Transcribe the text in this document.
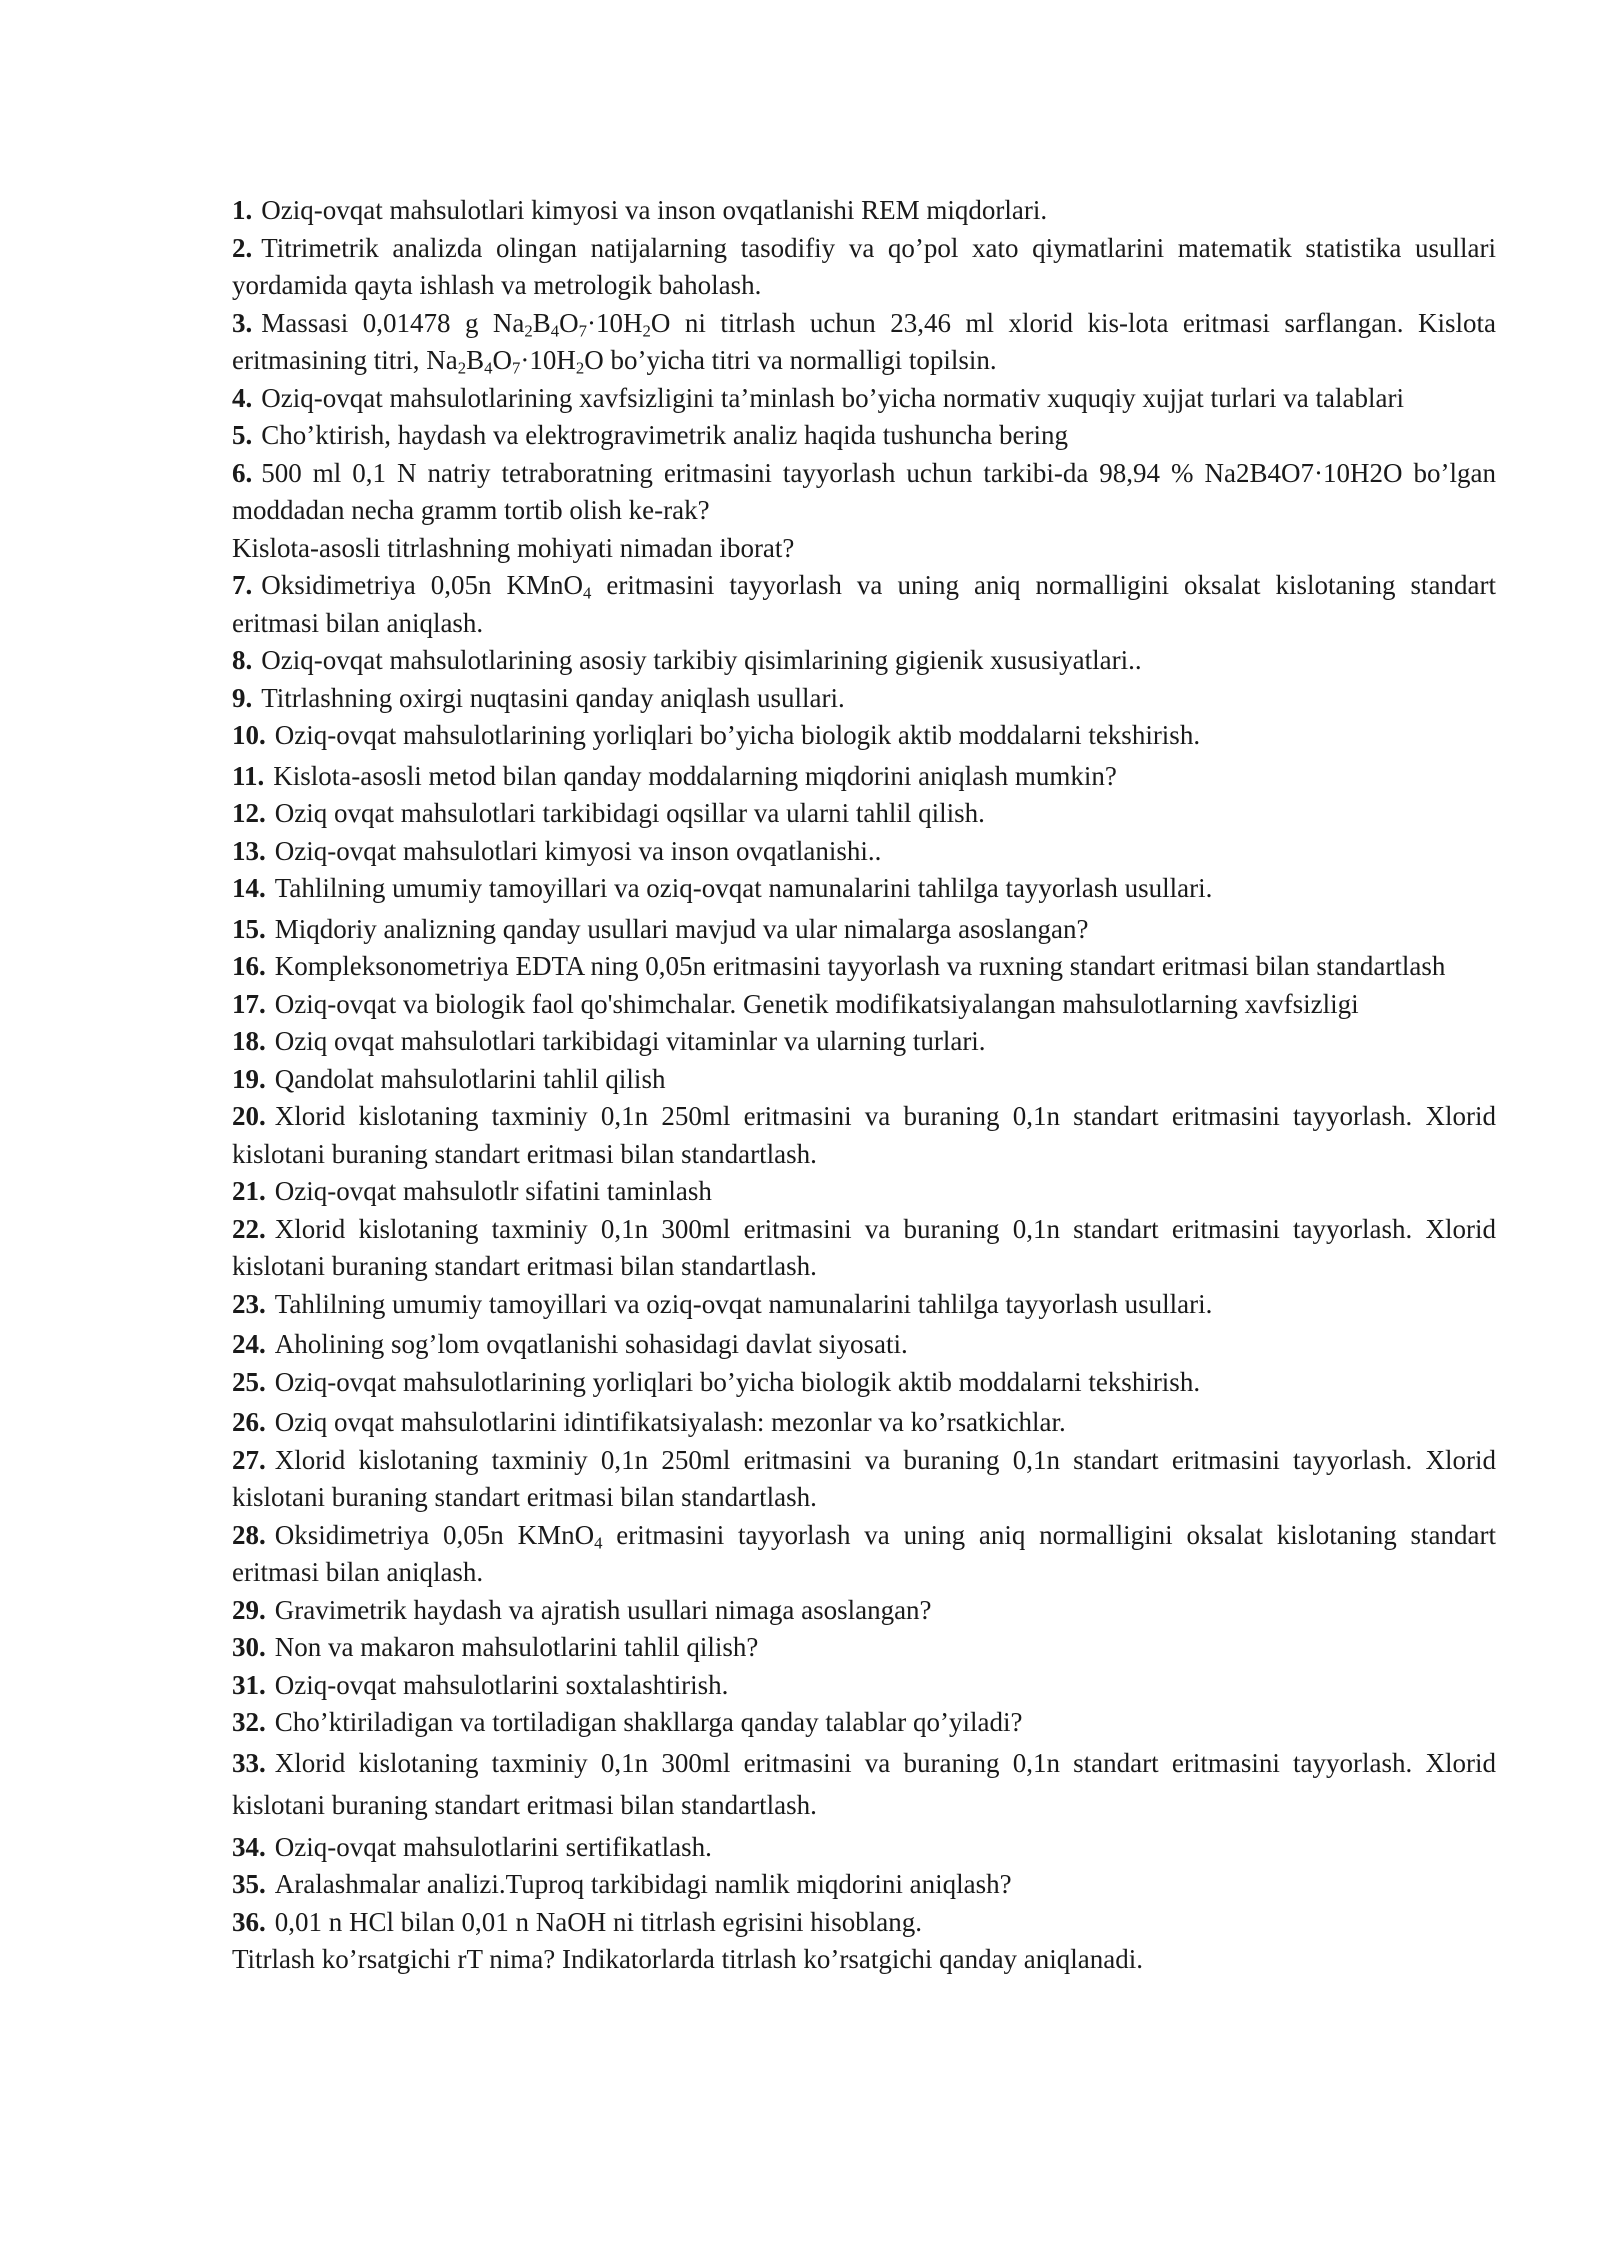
1. Oziq-ovqat mahsulotlari kimyosi va inson ovqatlanishi REM miqdorlari.

2. Titrimetrik analizda olingan natijalarning tasodifiy va qo’pol xato qiymatlarini matematik statistika usullari yordamida qayta ishlash va metrologik baholash.

3. Massasi 0,01478 g $Na_2B_4O_7\cdot 10H_2O$ ni titrlash uchun 23,46 ml xlorid kis-lota eritmasi sarflangan. Kislota eritmasining titri, $Na_2B_4O_7\cdot 10H_2O$ bo’yicha titri va normalligi topilsin.

4. Oziq-ovqat mahsulotlarining xavfsizligini ta’minlash bo’yicha normativ xuquqiy xujjat turlari va talablari

5. Cho’ktirish, haydash va elektrogravimetrik analiz haqida tushuncha bering

6. 500 ml 0,1 N natriy tetraboratning eritmasini tayyorlash uchun tarkibi-da 98,94 % Na2B4O7·10H2O bo’lgan moddadan necha gramm tortib olish ke-rak?

Kislota-asosli titrlashning mohiyati nimadan iborat?

7. Oksidimetriya 0,05n KMnO$_4$ eritmasini tayyorlash va uning aniq normalligini oksalat kislotaning standart eritmasi bilan aniqlash.

8. Oziq-ovqat mahsulotlarining asosiy tarkibiy qisimlarining gigienik xususiyatlari..

9. Titrlashning oxirgi nuqtasini qanday aniqlash usullari.

10. Oziq-ovqat mahsulotlarining yorliqlari bo’yicha biologik aktib moddalarni tekshirish.

11. Kislota-asosli metod bilan qanday moddalarning miqdorini aniqlash mumkin?

12. Oziq ovqat mahsulotlari tarkibidagi oqsillar va ularni tahlil qilish.

13. Oziq-ovqat mahsulotlari kimyosi va inson ovqatlanishi..

14. Tahlilning umumiy tamoyillari va oziq-ovqat namunalarini tahlilga tayyorlash usullari.

15. Miqdoriy analizning qanday usullari mavjud va ular nimalarga asoslangan?

16. Kompleksonometriya EDTA ning 0,05n eritmasini tayyorlash va ruxning standart eritmasi bilan standartlash

17. Oziq-ovqat va biologik faol qo'shimchalar. Genetik modifikatsiyalangan mahsulotlarning xavfsizligi

18. Oziq ovqat mahsulotlari tarkibidagi vitaminlar va ularning turlari.

19. Qandolat mahsulotlarini tahlil qilish

20. Xlorid kislotaning taxminiy 0,1n 250ml eritmasini va buraning 0,1n standart eritmasini tayyorlash. Xlorid kislotani buraning standart eritmasi bilan standartlash.

21. Oziq-ovqat mahsulotlr sifatini taminlash

22. Xlorid kislotaning taxminiy 0,1n 300ml eritmasini va buraning 0,1n standart eritmasini tayyorlash. Xlorid kislotani buraning standart eritmasi bilan standartlash.

23. Tahlilning umumiy tamoyillari va oziq-ovqat namunalarini tahlilga tayyorlash usullari.

24. Aholining sog’lom ovqatlanishi sohasidagi davlat siyosati.

25. Oziq-ovqat mahsulotlarining yorliqlari bo’yicha biologik aktib moddalarni tekshirish.

26. Oziq ovqat mahsulotlarini idintifikatsiyalash: mezonlar va ko’rsatkichlar.

27. Xlorid kislotaning taxminiy 0,1n 250ml eritmasini va buraning 0,1n standart eritmasini tayyorlash. Xlorid kislotani buraning standart eritmasi bilan standartlash.

28. Oksidimetriya 0,05n KMnO$_4$ eritmasini tayyorlash va uning aniq normalligini oksalat kislotaning standart eritmasi bilan aniqlash.

29. Gravimetrik haydash va ajratish usullari nimaga asoslangan?

30. Non va makaron mahsulotlarini tahlil qilish?

31. Oziq-ovqat mahsulotlarini soxtalashtirish.

32. Cho’ktiriladigan va tortiladigan shakllarga qanday talablar qo’yiladi?

33. Xlorid kislotaning taxminiy 0,1n 300ml eritmasini va buraning 0,1n standart eritmasini tayyorlash. Xlorid kislotani buraning standart eritmasi bilan standartlash.

34. Oziq-ovqat mahsulotlarini sertifikatlash.

35. Aralashmalar analizi.Tuproq tarkibidagi namlik miqdorini aniqlash?

36. 0,01 n HCl bilan 0,01 n NaOH ni titrlash egrisini hisoblang.

Titrlash ko’rsatgichi rT nima? Indikatorlarda titrlash ko’rsatgichi qanday aniqlanadi.
